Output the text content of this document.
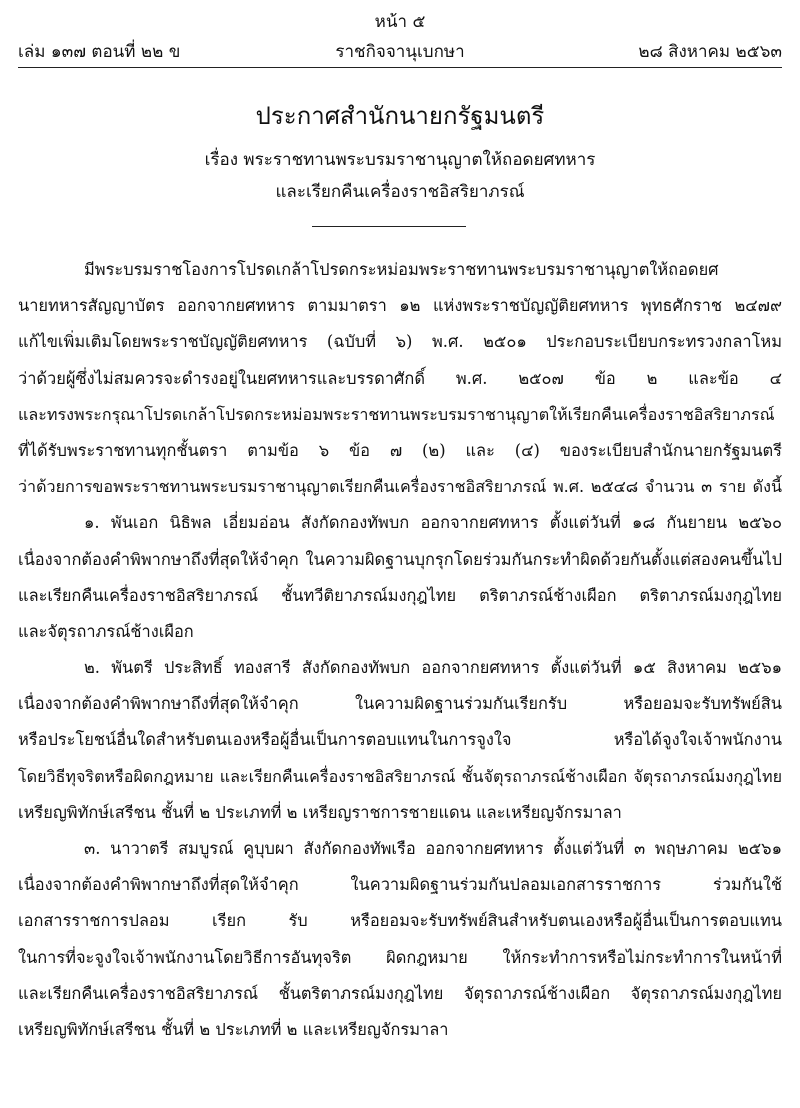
หน้า ๕
ราชกิจจานุเบกษา
เล่ม ๑๓๗ ตอนที่ ๒๒ ข	๒๘ สิงหาคม ๒๕๖๓
ประกาศสำนักนายกรัฐมนตรี
เรื่อง พระราชทานพระบรมราชานุญาตให้ถอดยศทหาร
และเรียกคืนเครื่องราชอิสริยาภรณ์
มีพระบรมราชโองการโปรดเกล้าโปรดกระหม่อมพระราชทานพระบรมราชานุญาตให้ถอดยศ
นายทหารสัญญาบัตร ออกจากยศทหาร ตามมาตรา ๑๒ แห่งพระราชบัญญัติยศทหาร พุทธศักราช ๒๔๗๙
แก้ไขเพิ่มเติมโดยพระราชบัญญัติยศทหาร (ฉบับที่ ๖) พ.ศ. ๒๕๐๑ ประกอบระเบียบกระทรวงกลาโหม
ว่าด้วยผู้ซึ่งไม่สมควรจะดำรงอยู่ในยศทหารและบรรดาศักดิ์ พ.ศ. ๒๕๐๗ ข้อ ๒ และข้อ ๔
และทรงพระกรุณาโปรดเกล้าโปรดกระหม่อมพระราชทานพระบรมราชานุญาตให้เรียกคืนเครื่องราชอิสริยาภรณ์
ที่ได้รับพระราชทานทุกชั้นตรา ตามข้อ ๖ ข้อ ๗ (๒) และ (๔) ของระเบียบสำนักนายกรัฐมนตรี
ว่าด้วยการขอพระราชทานพระบรมราชานุญาตเรียกคืนเครื่องราชอิสริยาภรณ์ พ.ศ. ๒๕๔๘ จำนวน ๓ ราย ดังนี้
๑. พันเอก นิธิพล เอี่ยมอ่อน สังกัดกองทัพบก ออกจากยศทหาร ตั้งแต่วันที่ ๑๘ กันยายน ๒๕๖๐
เนื่องจากต้องคำพิพากษาถึงที่สุดให้จำคุก ในความผิดฐานบุกรุกโดยร่วมกันกระทำผิดด้วยกันตั้งแต่สองคนขึ้นไป
และเรียกคืนเครื่องราชอิสริยาภรณ์ ชั้นทวีติยาภรณ์มงกุฎไทย ตริตาภรณ์ช้างเผือก ตริตาภรณ์มงกุฎไทย
และจัตุรถาภรณ์ช้างเผือก
๒. พันตรี ประสิทธิ์ ทองสารี สังกัดกองทัพบก ออกจากยศทหาร ตั้งแต่วันที่ ๑๕ สิงหาคม ๒๕๖๑
เนื่องจากต้องคำพิพากษาถึงที่สุดให้จำคุก ในความผิดฐานร่วมกันเรียกรับ หรือยอมจะรับทรัพย์สิน
หรือประโยชน์อื่นใดสำหรับตนเองหรือผู้อื่นเป็นการตอบแทนในการจูงใจ หรือได้จูงใจเจ้าพนักงาน
โดยวิธีทุจริตหรือผิดกฎหมาย และเรียกคืนเครื่องราชอิสริยาภรณ์ ชั้นจัตุรถาภรณ์ช้างเผือก จัตุรถาภรณ์มงกุฎไทย
เหรียญพิทักษ์เสรีชน ชั้นที่ ๒ ประเภทที่ ๒ เหรียญราชการชายแดน และเหรียญจักรมาลา
๓. นาวาตรี สมบูรณ์ คูบุบผา สังกัดกองทัพเรือ ออกจากยศทหาร ตั้งแต่วันที่ ๓ พฤษภาคม ๒๕๖๑
เนื่องจากต้องคำพิพากษาถึงที่สุดให้จำคุก ในความผิดฐานร่วมกันปลอมเอกสารราชการ ร่วมกันใช้
เอกสารราชการปลอม เรียก รับ หรือยอมจะรับทรัพย์สินสำหรับตนเองหรือผู้อื่นเป็นการตอบแทน
ในการที่จะจูงใจเจ้าพนักงานโดยวิธีการอันทุจริต ผิดกฎหมาย ให้กระทำการหรือไม่กระทำการในหน้าที่
และเรียกคืนเครื่องราชอิสริยาภรณ์ ชั้นตริตาภรณ์มงกุฎไทย จัตุรถาภรณ์ช้างเผือก จัตุรถาภรณ์มงกุฎไทย
เหรียญพิทักษ์เสรีชน ชั้นที่ ๒ ประเภทที่ ๒ และเหรียญจักรมาลา
